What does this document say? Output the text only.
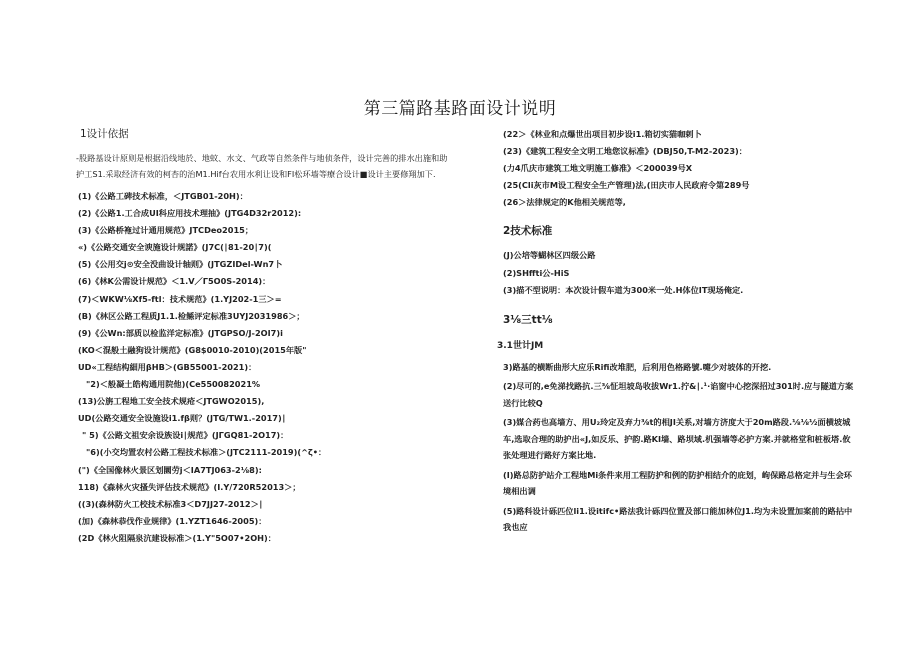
第三篇路基路面设计说明

1设计依据

-股路基设计原则是根据沿线地於、地蚊、水文、气政等自然条件与地侦条件，设计完善的排水出施和助护工S1.采取经济有效的柯杏的治M1.Hif台农用水利让设和FI松环墙等療合设计■设计主要修翔加下.

(1)《公路工碑技术标准，＜JTGB01-20H)：

(2)《公路1.工合成UI科应用技术理抽》(JTG4D32r2012):

(3)《公路桥袘过计通用规范》JTCDeo2015；

«)《公路交通安全谀施设计规諾》(J7C(∣81-20∣7)(

(5)《公用交j⊙安全没曲设计轴则》(JTGZIDel-Wn7卜

(6)《林K公需设计规范》＜1.V／Γ5O0S-2014)：

(7)＜WKW⅛Xf5-ftl：技术规范》(1.YJ202-1三＞=

(B)《林区公路工程质J1.1.检鲧评定标准3UYJ2031986＞；

(9)《公Wn:部质以检监洋定标准》(JTGPSO/J-2OI7)i

(KO＜混般土融狗设计规范》(G8$0010-2010)(2015年版"

UD«工程结构細用βHB＞(GB55001-2021)：

"2)＜般凝土皓构通用院他)(Ce550082021%

(13)公旃工程地工安全技术规疮＜JTGWO2015),

UD(公路交通安全设施设i1.fβ则？(JTG∕TW1.-2017)∣

" 5)《公路文祖安余设族设i∣规范》(JΓGQ81-2O17)：

"6)(小交均置农村公路工程技术标准＞(JTC2111-2019)(^ζ•：

(")《全国像林火景区划圜劳j＜IA7TJ063-2⅛8):

118)《森林火灾搔失评估技术规范》(I.Y/720R52013＞；

((3)(森林防火工校技术标准3＜D7JJ27-2012＞∣

(加)《森林恭伐作业规律》(1.YZT1646-2005)：

(2D《林火阻隔泉沆建设标准＞(1.Y"5O07•2OH)：

(22＞《林业和点爆世出项目初步设i1.箱切实猫咖剌卜

(23)《建筑工程安全文明工地您议标准》(DBJ50,T-M2-2023)：

(力4爪庆市建筑工地文明施工修准》＜200039号X

(25(Cli灰市M设工程安全生产管理)法,(田庆市人民政府令第289号

(26＞法律规定的K他相关规范等,

2技术标准

(J)公培等蝴林区四级公路

(2)SHffti公-HiS

(3)描不型说明：本次设计假车道为300米一处.H体位IT现场俺定.

3⅛三tt⅛

3.1世计JM

3)路基的横断曲形大应乐Rifi改堆肥，后利用色格路號.嚏少对坡体的开挖.

(2)尽可的,e免涕找路抗.三⅜怔坦坡岛收拔Wr1.拧&∣.¹·谄窗中心挖深招过301时.应与隧道方案送行比较Q

(3)媒合药也高墙方、用U₂玲定及弃力⅜t的相JI关系,对墙方济度大于20m路段.⅛⅛½面横坡城车,选取合理的助护出«J,如反乐、护韵.路KI墙、路坝域.机强墙等必护方案.并就格堂和桩板塔.攸张处理进行路好方案比地.

(I)路总防护站介工程地Mi条件来用工程防护和例的防护相结介的庇划，岣保路总格定并与生会环境相出调

(5)路科设计砾匹位li1.设itifc•路法我计砾四位置及部口能加林位J1.均为未设置加案前的路拈中我也应
